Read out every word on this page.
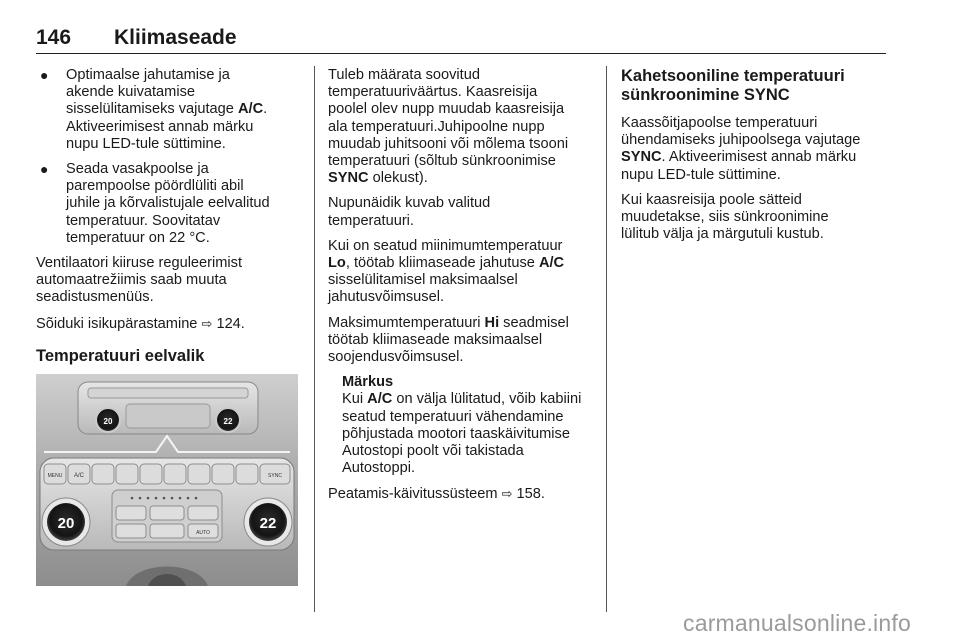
146 Kliimaseade
● Optimaalse jahutamise ja
akende kuivatamise
sisselülitamiseks vajutage A/C.
Aktiveerimisest annab märku
nupu LED-tule süttimine.
● Seada vasakpoolse ja
parempoolse pöördlüliti abil
juhile ja kõrvalistujale eelvalitud
temperatuur. Soovitatav
temperatuur on 22 °C.

Ventilaatori kiiruse reguleerimist
automaatrežiimis saab muuta
seadistusmenüüs.

Sõiduki isikupärastamine ⇨ 124.

Temperatuuri eelvalik
20	22
MENU A/C	SYNC
AUTO
20	22

Tuleb määrata soovitud
temperatuuriväärtus. Kaasreisija
poolel olev nupp muudab kaasreisija
ala temperatuuri.Juhipoolne nupp
muudab juhitsooni või mõlema tsooni
temperatuuri (sõltub sünkroonimise
SYNC olekust).

Nupunäidik kuvab valitud
temperatuuri.

Kui on seatud miinimumtemperatuur
Lo, töötab kliimaseade jahutuse A/C
sisselülitamisel maksimaalsel
jahutusvõimsusel.

Maksimumtemperatuuri Hi seadmisel
töötab kliimaseade maksimaalsel
soojendusvõimsusel.

Märkus
Kui A/C on välja lülitatud, võib kabiini
seatud temperatuuri vähendamine
põhjustada mootori taaskäivitumise
Autostopi poolt või takistada
Autostoppi.

Peatamis-käivitussüsteem ⇨ 158.

Kahetsooniline temperatuuri
sünkroonimine SYNC

Kaassõitjapoolse temperatuuri
ühendamiseks juhipoolsega vajutage
SYNC. Aktiveerimisest annab märku
nupu LED-tule süttimine.

Kui kaasreisija poole sätteid
muudetakse, siis sünkroonimine
lülitub välja ja märgutuli kustub.

carmanualsonline.info
